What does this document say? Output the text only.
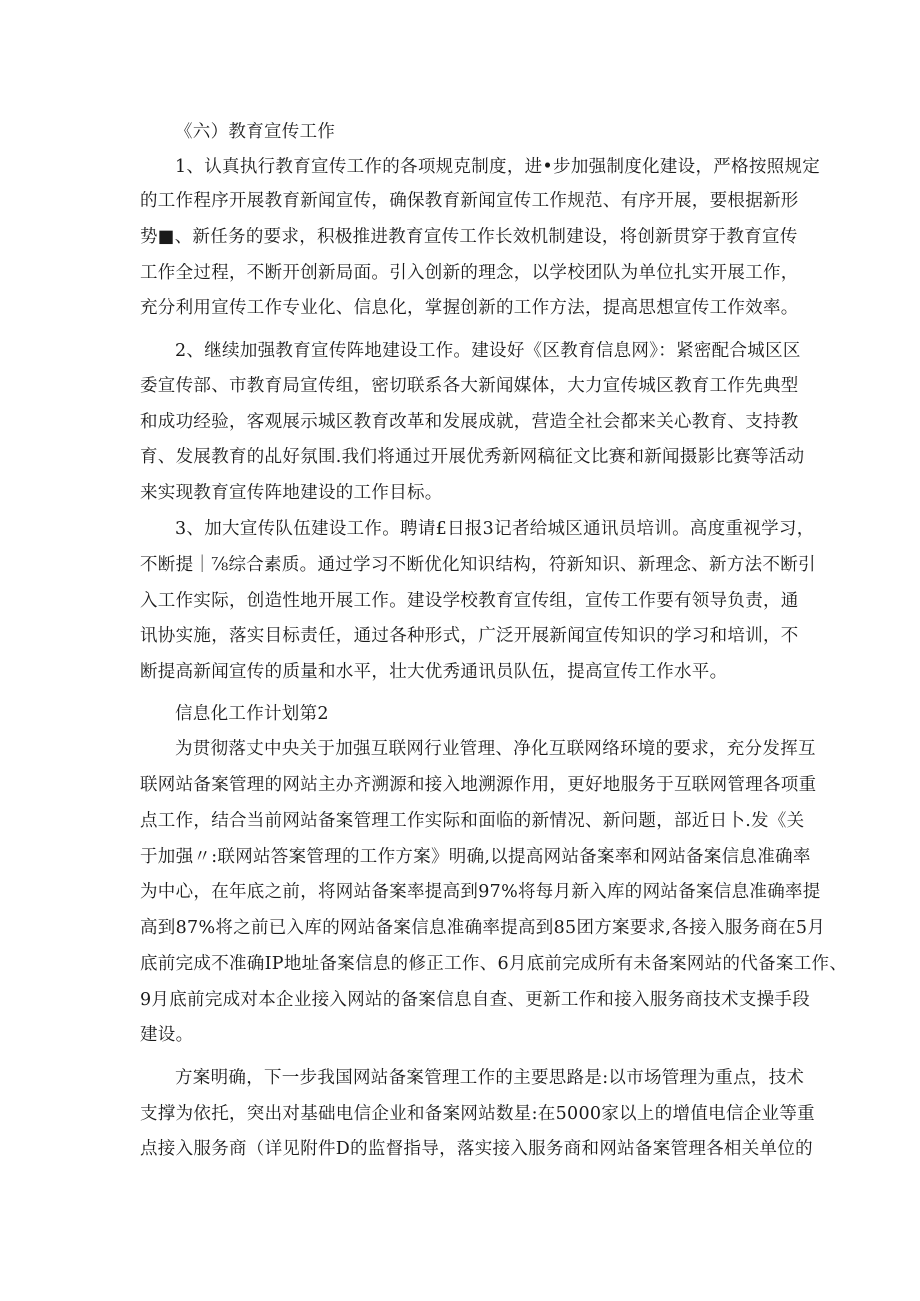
《六）教育宣传工作
1、认真执行教育宣传工作的各项规克制度，进•步加强制度化建设，严格按照规定
的工作程序开展教育新闻宣传，确保教育新闻宣传工作规范、有序开展，要根据新形
势■、新任务的要求，积极推进教育宣传工作长效机制建设，将创新贯穿于教育宣传
工作全过程，不断开创新局面。引入创新的理念，以学校团队为单位扎实开展工作，
充分利用宣传工作专业化、信息化，掌握创新的工作方法，提高思想宣传工作效率。
2、继续加强教育宣传阵地建设工作。建设好《区教育信息网》：紧密配合城区区
委宣传部、市教育局宣传组，密切联系各大新闻媒体，大力宣传城区教育工作先典型
和成功经验，客观展示城区教育改革和发展成就，营造全社会都来关心教育、支持教
育、发展教育的乩好氛围.我们将通过开展优秀新网稿征文比赛和新闻摄影比赛等活动
来实现教育宣传阵地建设的工作目标。
3、加大宣传队伍建设工作。聘请£日报3记者给城区通讯员培训。高度重视学习，
不断提｜⅞综合素质。通过学习不断优化知识结构，符新知识、新理念、新方法不断引
入工作实际，创造性地开展工作。建设学校教育宣传组，宣传工作要有领导负责，通
讯协实施，落实目标责任，通过各种形式，广泛开展新闻宣传知识的学习和培训，不
断提高新闻宣传的质量和水平，壮大优秀通讯员队伍，提高宣传工作水平。
信息化工作计划第2
为贯彻落丈中央关于加强互联网行业管理、净化互联网络环境的要求，充分发挥互
联网站备案管理的网站主办齐溯源和接入地溯源作用，更好地服务于互联网管理各项重
点工作，结合当前网站备案管理工作实际和面临的新情况、新问题，部近日卜.发《关
于加强〃:联网站答案管理的工作方案》明确,以提高网站备案率和网站备案信息准确率
为中心，在年底之前，将网站备案率提高到97%将每月新入库的网站备案信息准确率提
高到87%将之前已入库的网站备案信息准确率提高到85团方案要求,各接入服务商在5月
底前完成不准确IP地址备案信息的修正工作、6月底前完成所有未备案网站的代备案工作、
9月底前完成对本企业接入网站的备案信息自查、更新工作和接入服务商技术支操手段
建设。
方案明确，下一步我国网站备案管理工作的主要思路是:以市场管理为重点，技术
支撑为依托，突出对基础电信企业和备案网站数星:在5000家以上的增值电信企业等重
点接入服务商（详见附件D的监督指导，落实接入服务商和网站备案管理各相关单位的
